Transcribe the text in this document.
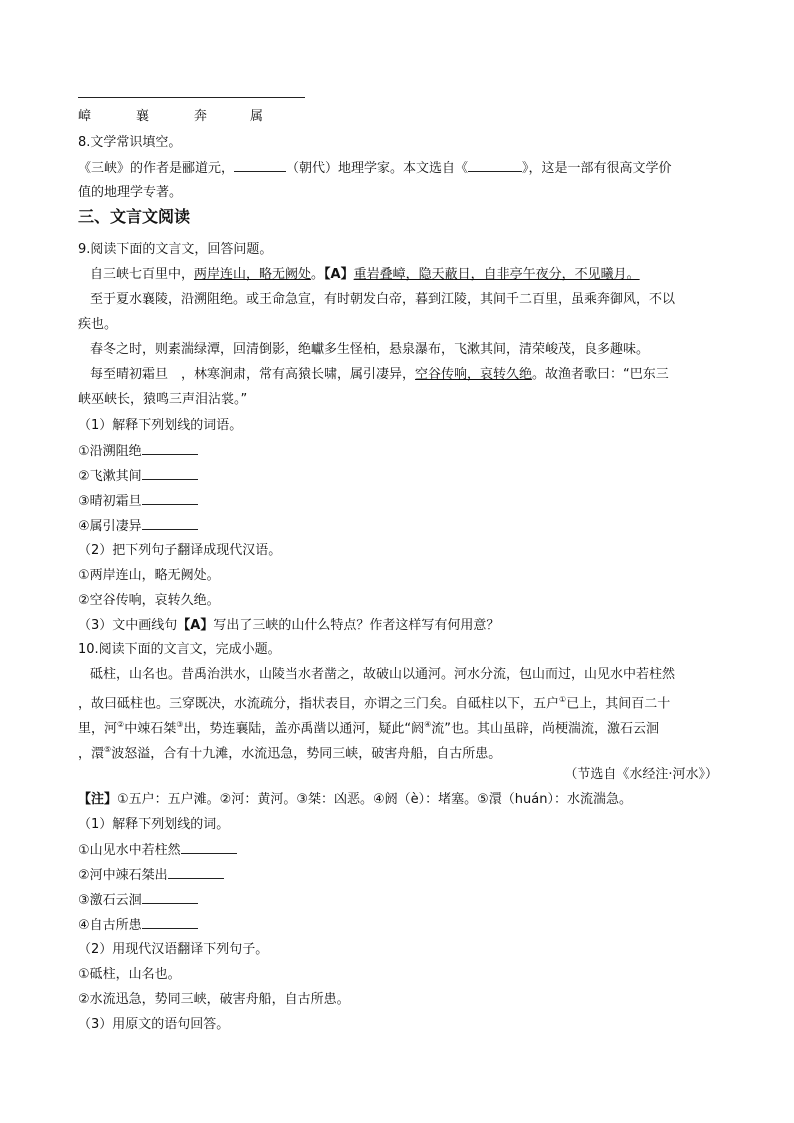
嶂	襄	奔	属
8.文学常识填空。
《三峡》的作者是郦道元，	（朝代）地理学家。本文选自《	》，这是一部有很高文学价
值的地理学专著。
三、文言文阅读
9.阅读下面的文言文，回答问题。
自三峡七百里中，两岸连山，略无阙处。【A】重岩叠嶂，隐天蔽日，自非亭午夜分，不见曦月。
至于夏水襄陵，沿溯阻绝。或王命急宣，有时朝发白帝，暮到江陵，其间千二百里，虽乘奔御风，不以
疾也。
春冬之时，则素湍绿潭，回清倒影，绝巘多生怪柏，悬泉瀑布，飞漱其间，清荣峻茂，良多趣味。
每至晴初霜旦　，林寒涧肃，常有高猿长啸，属引凄异，空谷传响，哀转久绝。故渔者歌曰：“巴东三
峡巫峡长，猿鸣三声泪沾裳。”
（1）解释下列划线的词语。
①沿溯阻绝
②飞漱其间
③晴初霜旦
④属引凄异
（2）把下列句子翻译成现代汉语。
①两岸连山，略无阙处。
②空谷传响，哀转久绝。
（3）文中画线句【A】写出了三峡的山什么特点？作者这样写有何用意？
10.阅读下面的文言文，完成小题。
砥柱，山名也。昔禹治洪水，山陵当水者凿之，故破山以通河。河水分流，包山而过，山见水中若柱然
，故曰砥柱也。三穿既决，水流疏分，指状表目，亦谓之三门矣。自砥柱以下，五户①已上，其间百二十
里，河②中竦石桀③出，势连襄陆，盖亦禹凿以通河，疑此“阏④流”也。其山虽辟，尚梗湍流，激石云洄
，澴⑤波怒溢，合有十九滩，水流迅急，势同三峡，破害舟船，自古所患。
（节选自《水经注·河水》）
【注】①五户：五户滩。②河：黄河。③桀：凶恶。④阏（è）：堵塞。⑤澴（huán）：水流湍急。
（1）解释下列划线的词。
①山见水中若柱然
②河中竦石桀出
③激石云洄
④自古所患
（2）用现代汉语翻译下列句子。
①砥柱，山名也。
②水流迅急，势同三峡，破害舟船，自古所患。
（3）用原文的语句回答。
